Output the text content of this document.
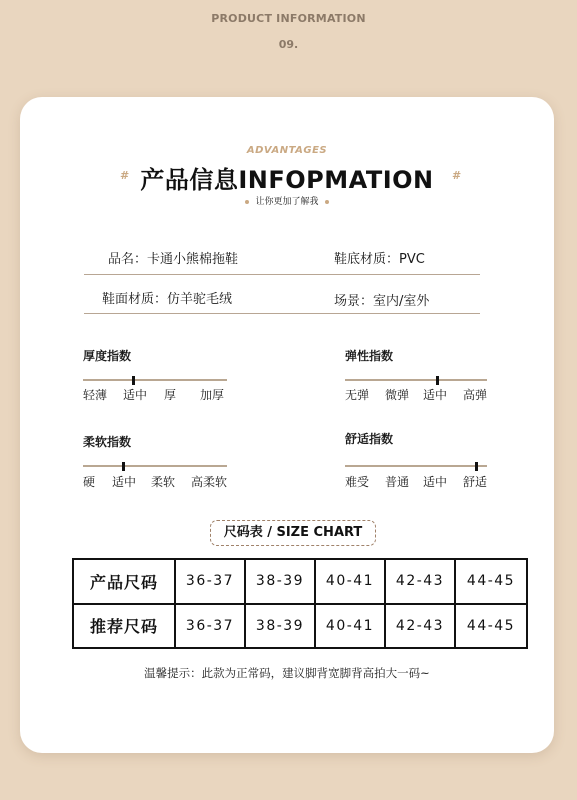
PRODUCT INFORMATION
09.
ADVANTAGES
# 产品信息INFOPMATION	#
让你更加了解我
品名：卡通小熊棉拖鞋	鞋底材质：PVC
鞋面材质：仿羊驼毛绒	场景：室内/室外
厚度指数
轻薄 适中 厚 加厚
弹性指数
无弹 微弹 适中 高弹
柔软指数
硬 适中 柔软 高柔软
舒适指数
难受 普通 适中 舒适
尺码表 / SIZE CHART
产品尺码	36-37	38-39	40-41	42-43	44-45
推荐尺码	36-37	38-39	40-41	42-43	44-45
温馨提示：此款为正常码，建议脚背宽脚背高拍大一码~
